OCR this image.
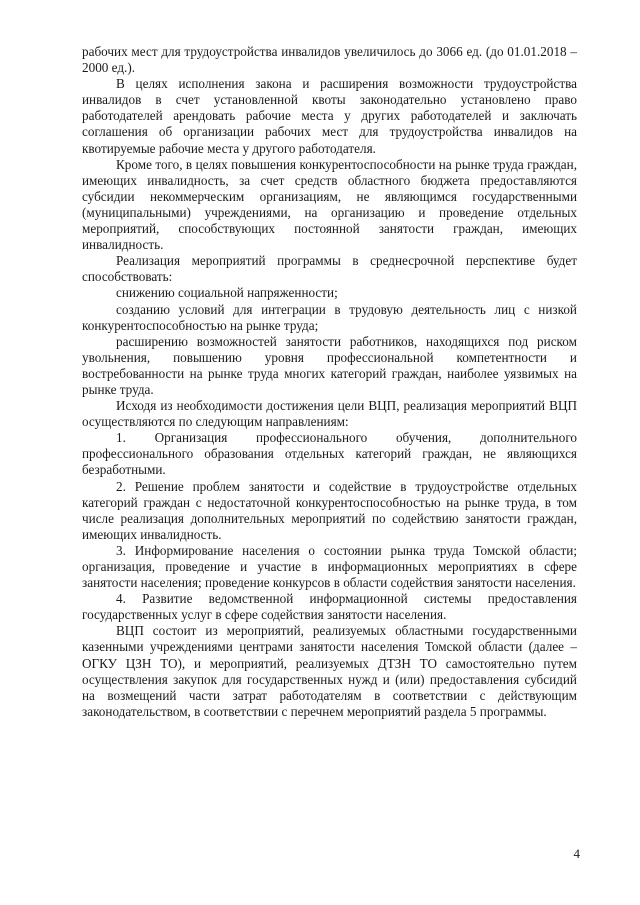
рабочих мест для трудоустройства инвалидов увеличилось до 3066 ед. (до 01.01.2018 – 2000 ед.).

В целях исполнения закона и расширения возможности трудоустройства инвалидов в счет установленной квоты законодательно установлено право работодателей арендовать рабочие места у других работодателей и заключать соглашения об организации рабочих мест для трудоустройства инвалидов на квотируемые рабочие места у другого работодателя.

Кроме того, в целях повышения конкурентоспособности на рынке труда граждан, имеющих инвалидность, за счет средств областного бюджета предоставляются субсидии некоммерческим организациям, не являющимся государственными (муниципальными) учреждениями, на организацию и проведение отдельных мероприятий, способствующих постоянной занятости граждан, имеющих инвалидность.

Реализация мероприятий программы в среднесрочной перспективе будет способствовать:

снижению социальной напряженности;

созданию условий для интеграции в трудовую деятельность лиц с низкой конкурентоспособностью на рынке труда;

расширению возможностей занятости работников, находящихся под риском увольнения, повышению уровня профессиональной компетентности и востребованности на рынке труда многих категорий граждан, наиболее уязвимых на рынке труда.

Исходя из необходимости достижения цели ВЦП, реализация мероприятий ВЦП осуществляются по следующим направлениям:

1. Организация профессионального обучения, дополнительного профессионального образования отдельных категорий граждан, не являющихся безработными.

2. Решение проблем занятости и содействие в трудоустройстве отдельных категорий граждан с недостаточной конкурентоспособностью на рынке труда, в том числе реализация дополнительных мероприятий по содействию занятости граждан, имеющих инвалидность.

3. Информирование населения о состоянии рынка труда Томской области; организация, проведение и участие в информационных мероприятиях в сфере занятости населения; проведение конкурсов в области содействия занятости населения.

4. Развитие ведомственной информационной системы предоставления государственных услуг в сфере содействия занятости населения.

ВЦП состоит из мероприятий, реализуемых областными государственными казенными учреждениями центрами занятости населения Томской области (далее – ОГКУ ЦЗН ТО), и мероприятий, реализуемых ДТЗН ТО самостоятельно путем осуществления закупок для государственных нужд и (или) предоставления субсидий на возмещений части затрат работодателям в соответствии с действующим законодательством, в соответствии с перечнем мероприятий раздела 5 программы.

4
